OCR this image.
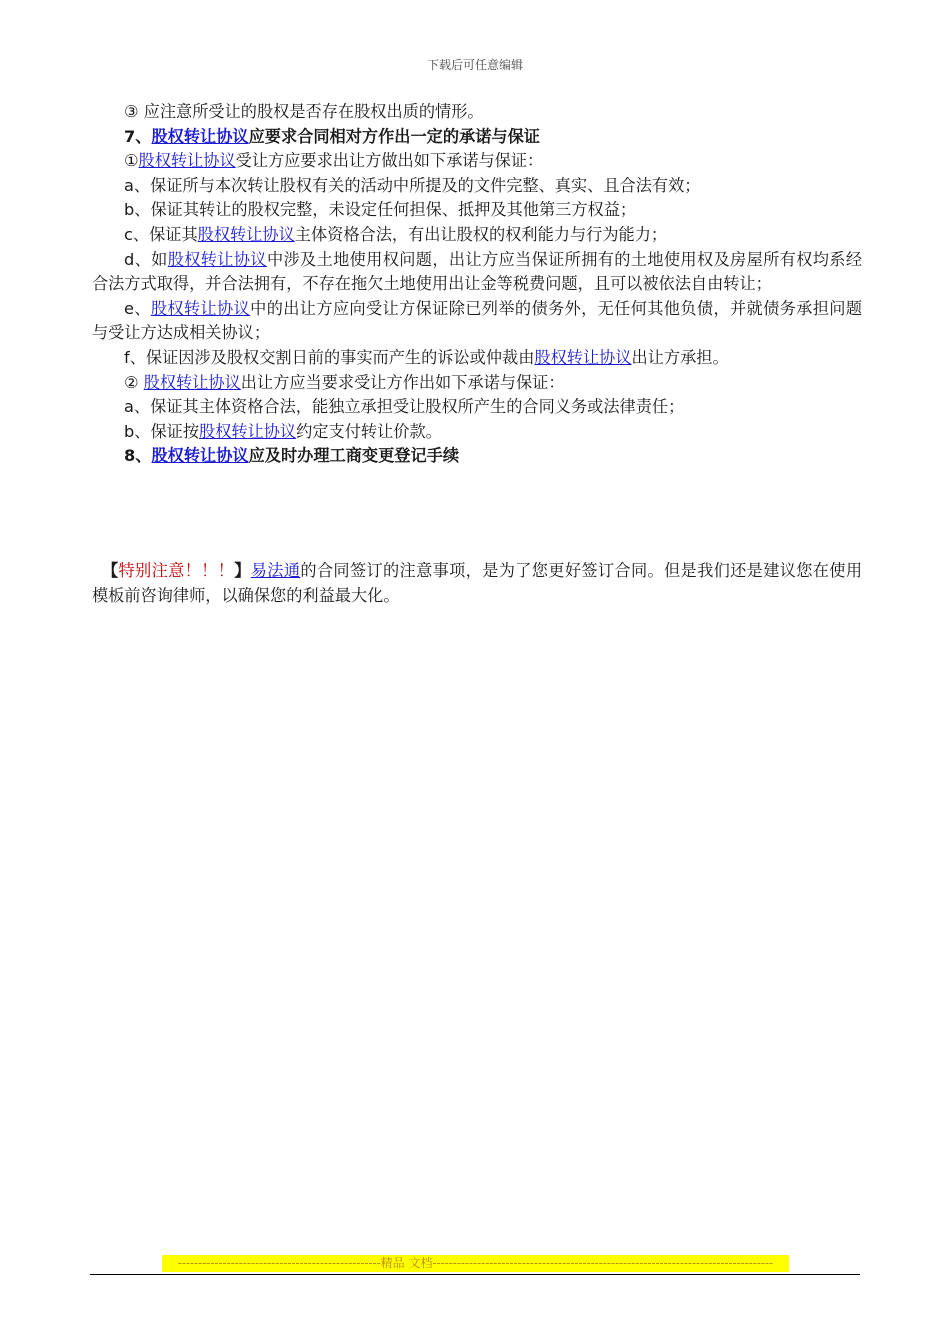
下载后可任意编辑

③ 应注意所受让的股权是否存在股权出质的情形。

7、股权转让协议应要求合同相对方作出一定的承诺与保证

①股权转让协议受让方应要求出让方做出如下承诺与保证：

a、保证所与本次转让股权有关的活动中所提及的文件完整、真实、且合法有效；

b、保证其转让的股权完整，未设定任何担保、抵押及其他第三方权益；

c、保证其股权转让协议主体资格合法，有出让股权的权利能力与行为能力；

d、如股权转让协议中涉及土地使用权问题，出让方应当保证所拥有的土地使用权及房屋所有权均系经合法方式取得，并合法拥有，不存在拖欠土地使用出让金等税费问题，且可以被依法自由转让；

e、股权转让协议中的出让方应向受让方保证除已列举的债务外，无任何其他负债，并就债务承担问题与受让方达成相关协议；

f、保证因涉及股权交割日前的事实而产生的诉讼或仲裁由股权转让协议出让方承担。

② 股权转让协议出让方应当要求受让方作出如下承诺与保证：

a、保证其主体资格合法，能独立承担受让股权所产生的合同义务或法律责任；

b、保证按股权转让协议约定支付转让价款。

8、股权转让协议应及时办理工商变更登记手续

【特别注意！！！】易法通的合同签订的注意事项，是为了您更好签订合同。但是我们还是建议您在使用模板前咨询律师，以确保您的利益最大化。
--------------------------------------------------精品 文档------------------------------------------------------------------------------------
